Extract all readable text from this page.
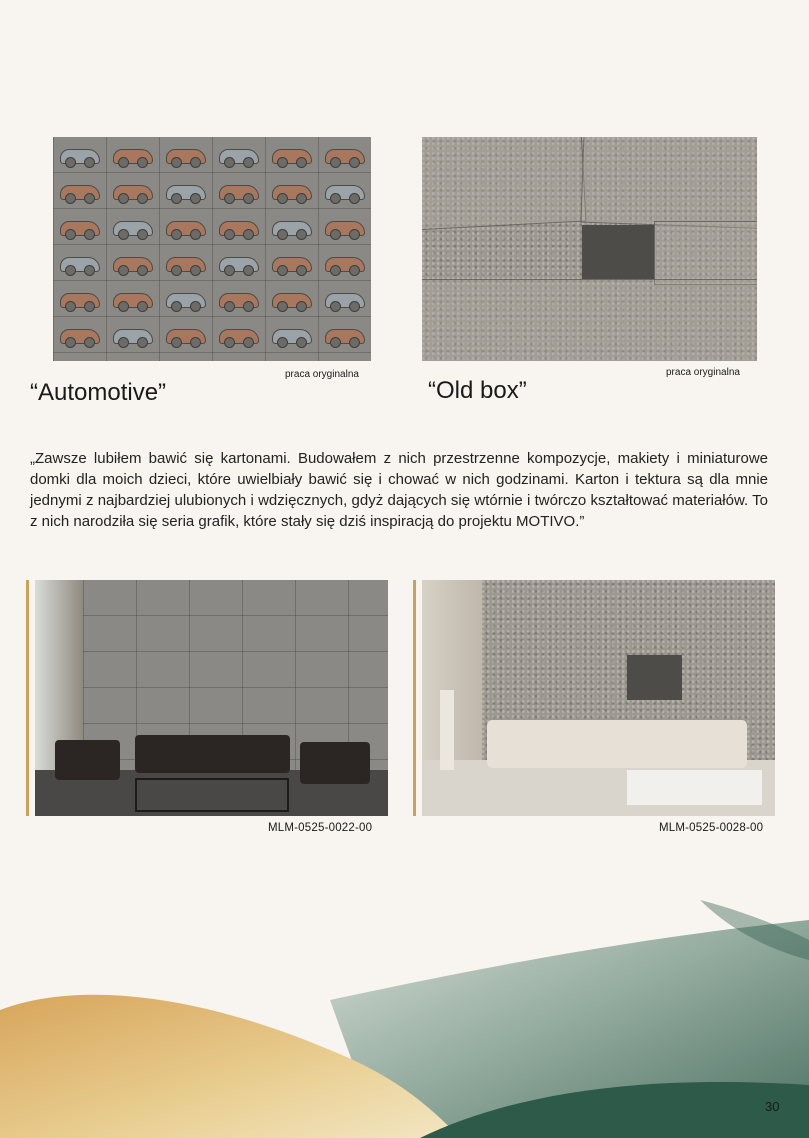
“Automotive”
praca oryginalna
“Old box”
praca oryginalna

„Zawsze lubiłem bawić się kartonami. Budowałem z nich przestrzenne kompozycje, makiety i miniaturowe domki dla moich dzieci, które uwielbiały bawić się i chować w nich godzinami. Karton i tektura są dla mnie jednymi z najbardziej ulubionych i wdzięcznych, gdyż dających się wtórnie i twórczo kształtować materiałów. To z nich narodziła się seria grafik, które stały się dziś inspiracją do projektu MOTIVO.”

MLM-0525-0022-00	MLM-0525-0028-00
30
